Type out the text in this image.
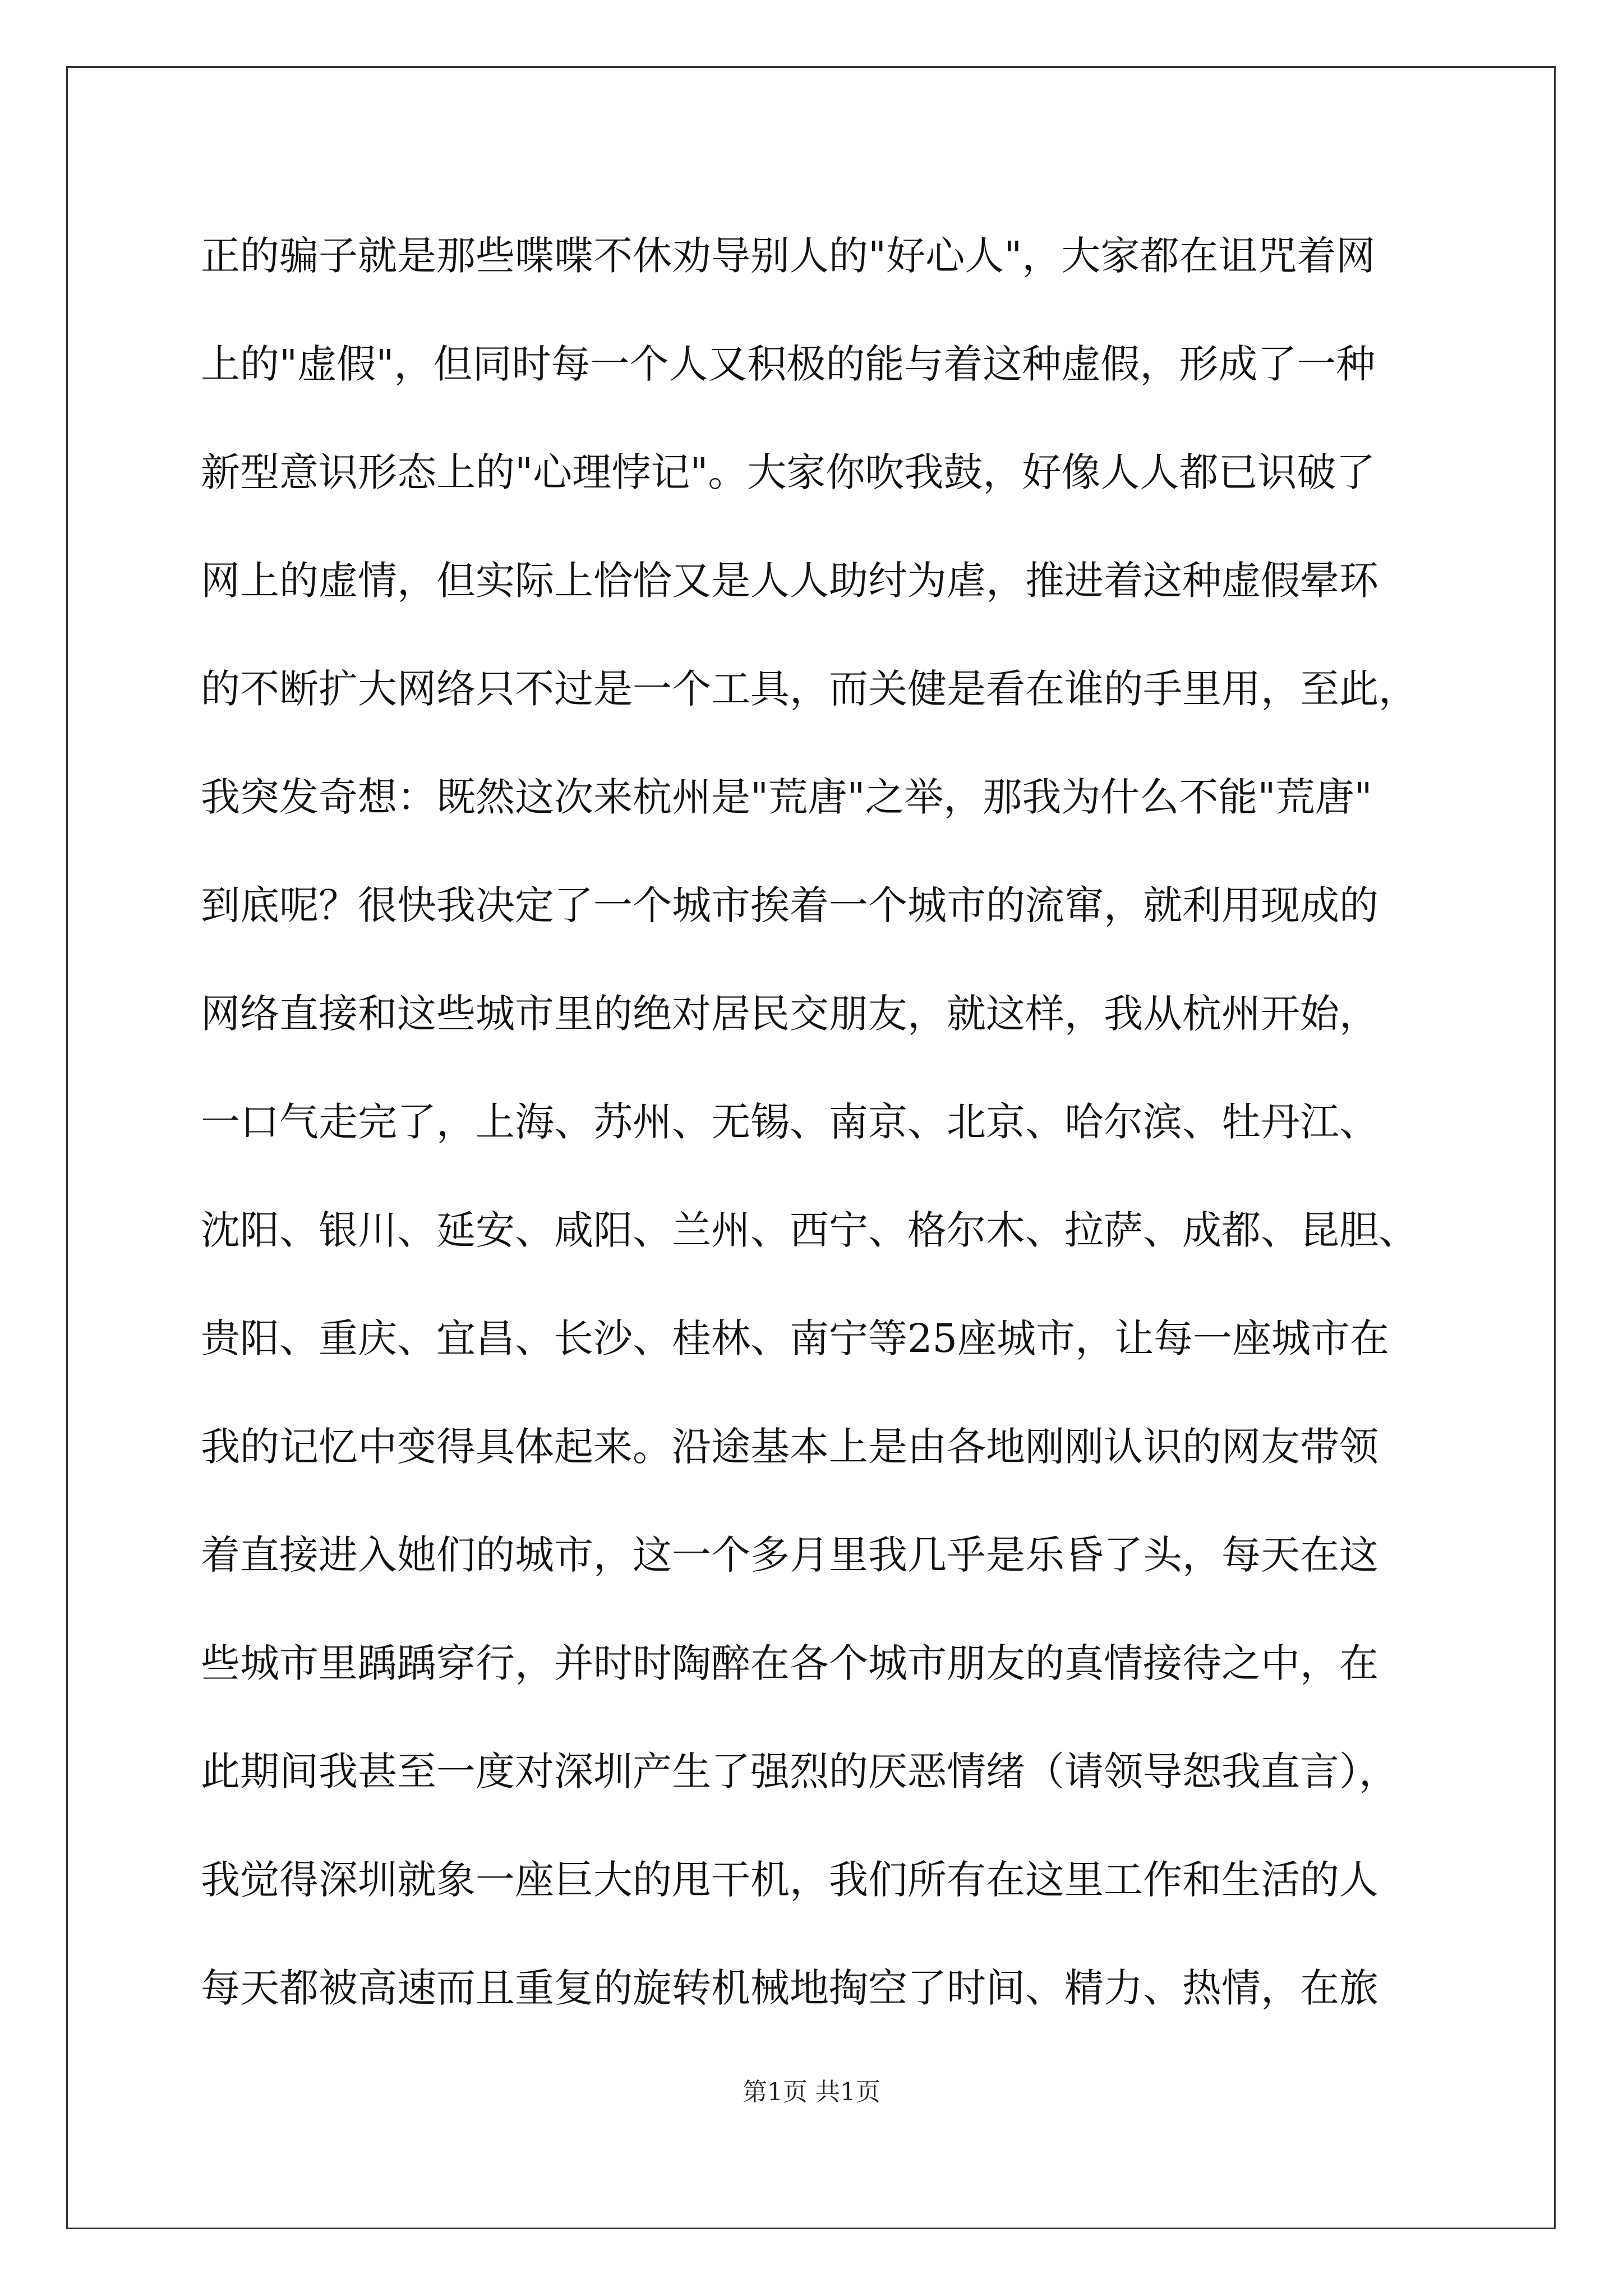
正的骗子就是那些喋喋不休劝导别人的"好心人"，大家都在诅咒着网
上的"虚假"，但同时每一个人又积极的能与着这种虚假，形成了一种
新型意识形态上的"心理悖记"。大家你吹我鼓，好像人人都已识破了
网上的虚情，但实际上恰恰又是人人助纣为虐，推进着这种虚假晕环
的不断扩大网络只不过是一个工具，而关健是看在谁的手里用，至此，
我突发奇想：既然这次来杭州是"荒唐"之举，那我为什么不能"荒唐"
到底呢？很快我决定了一个城市挨着一个城市的流窜，就利用现成的
网络直接和这些城市里的绝对居民交朋友，就这样，我从杭州开始，
一口气走完了，上海、苏州、无锡、南京、北京、哈尔滨、牡丹江、
沈阳、银川、延安、咸阳、兰州、西宁、格尔木、拉萨、成都、昆胆、
贵阳、重庆、宜昌、长沙、桂林、南宁等25座城市，让每一座城市在
我的记忆中变得具体起来。沿途基本上是由各地刚刚认识的网友带领
着直接进入她们的城市，这一个多月里我几乎是乐昏了头，每天在这
些城市里踽踽穿行，并时时陶醉在各个城市朋友的真情接待之中，在
此期间我甚至一度对深圳产生了强烈的厌恶情绪（请领导恕我直言），
我觉得深圳就象一座巨大的甩干机，我们所有在这里工作和生活的人
每天都被高速而且重复的旋转机械地掏空了时间、精力、热情，在旅
第1页 共1页
